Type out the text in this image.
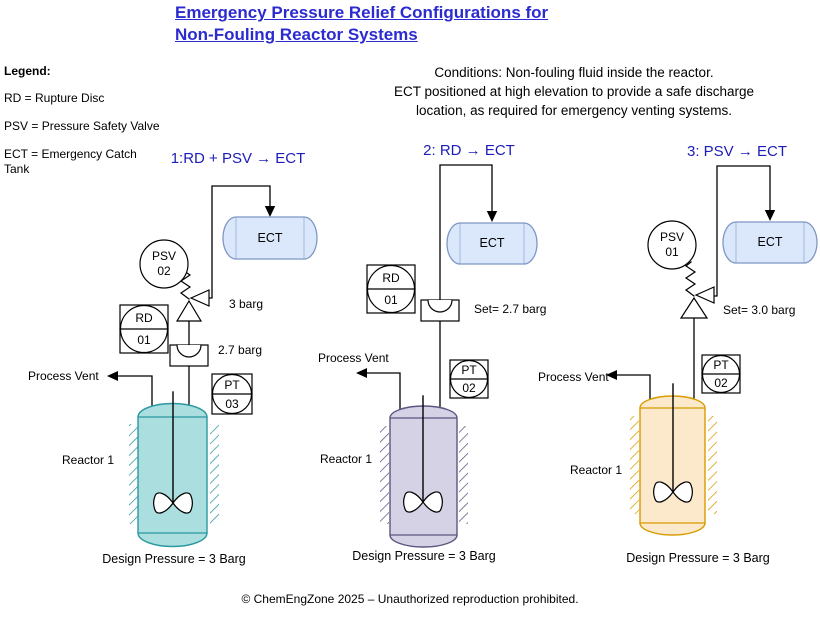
Emergency Pressure Relief Configurations for
Non-Fouling Reactor Systems
Legend:
RD = Rupture Disc
PSV = Pressure Safety Valve
ECT = Emergency Catch Tank
Conditions: Non-fouling fluid inside the reactor.
ECT positioned at high elevation to provide a safe discharge
location, as required for emergency venting systems.
1:RD + PSV → ECT	2: RD → ECT	3: PSV → ECT
ECT	ECT	ECT
PSV
02
PSV
01
RD
01
PT
03
RD
01
PT
02
PT
02
3 barg
2.7 barg
Set= 2.7 barg	Set= 3.0 barg
Process Vent
Process Vent
Process Vent
Reactor 1	Reactor 1
Reactor 1
Design Pressure = 3 Barg	Design Pressure = 3 Barg	Design Pressure = 3 Barg
© ChemEngZone 2025 – Unauthorized reproduction prohibited.
